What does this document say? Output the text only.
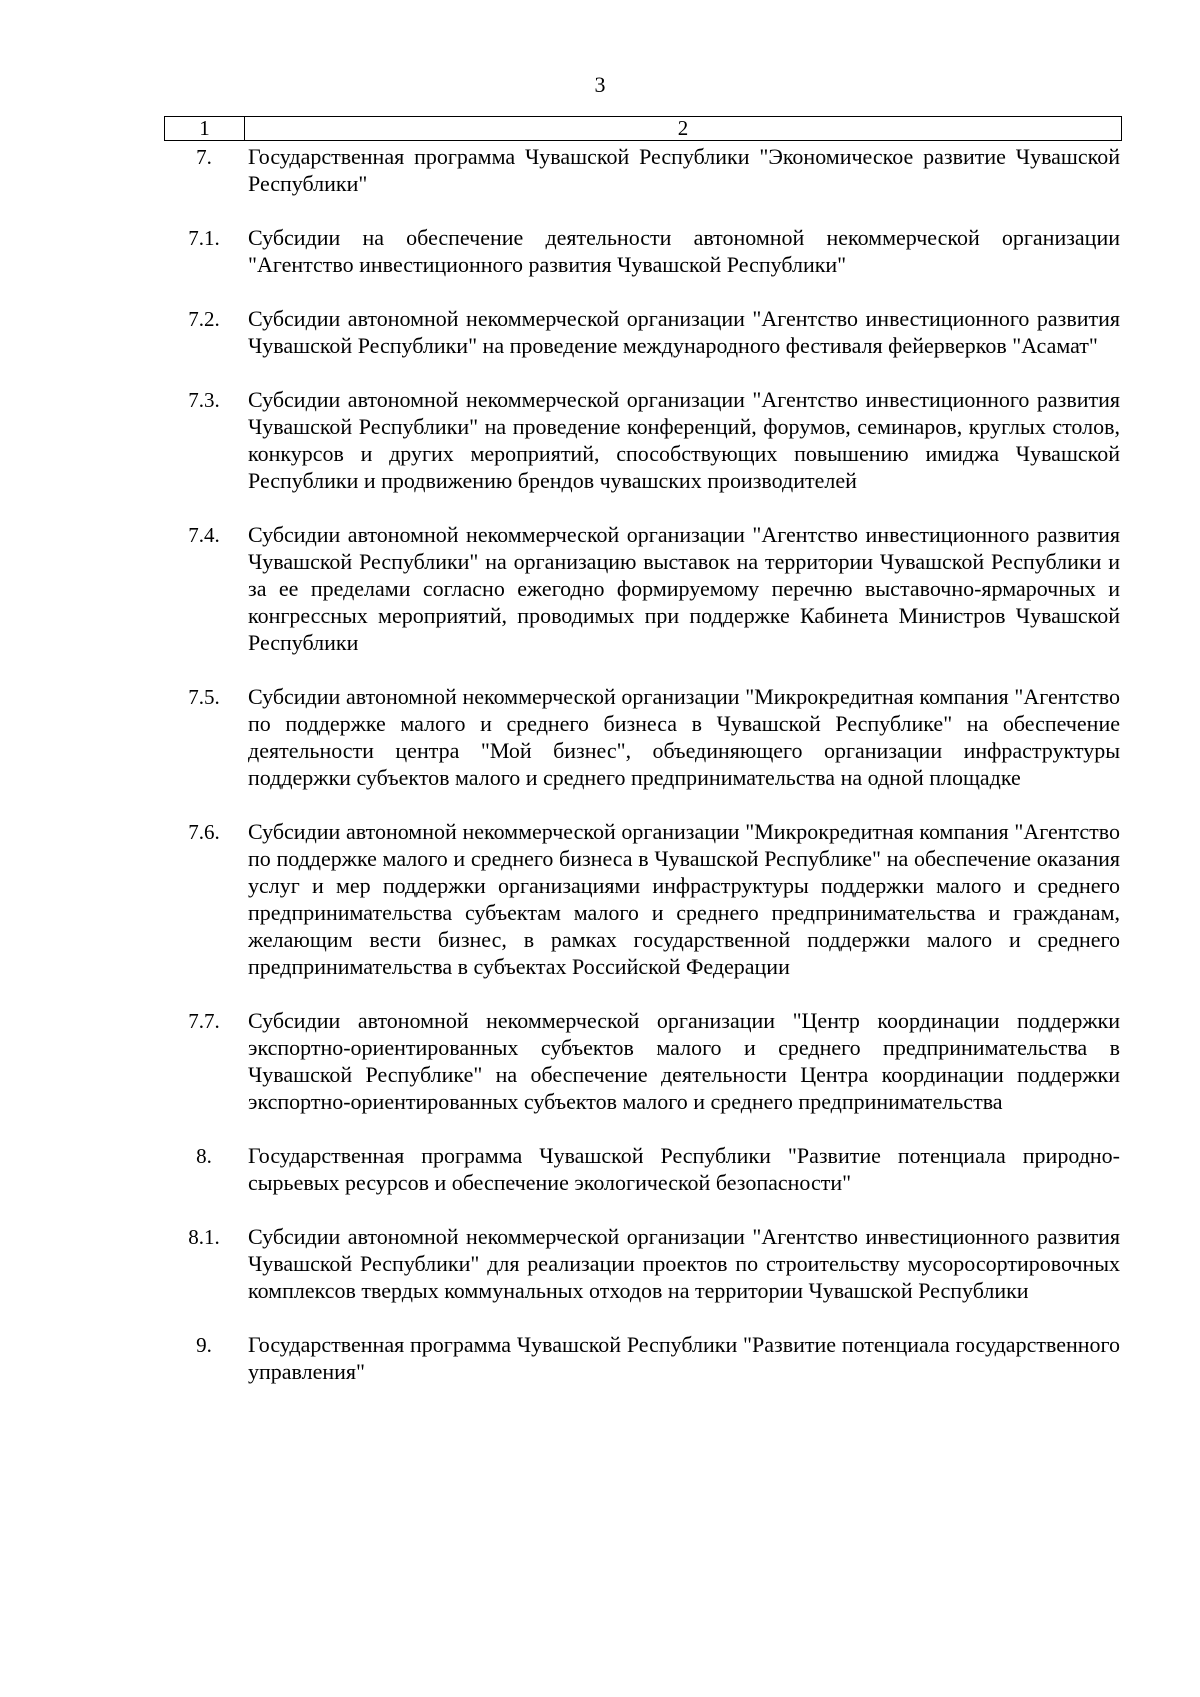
3
1	2
7.	Государственная программа Чувашской Республики "Экономическое развитие Чувашской Республики"
7.1.	Субсидии на обеспечение деятельности автономной некоммерческой организации "Агентство инвестиционного развития Чувашской Республики"
7.2.	Субсидии автономной некоммерческой организации "Агентство инвестиционного развития Чувашской Республики" на проведение международного фестиваля фейерверков "Асамат"
7.3.	Субсидии автономной некоммерческой организации "Агентство инвестиционного развития Чувашской Республики" на проведение конференций, форумов, семинаров, круглых столов, конкурсов и других мероприятий, способствующих повышению имиджа Чувашской Республики и продвижению брендов чувашских производителей
7.4.	Субсидии автономной некоммерческой организации "Агентство инвестиционного развития Чувашской Республики" на организацию выставок на территории Чувашской Республики и за ее пределами согласно ежегодно формируемому перечню выставочно-ярмарочных и конгрессных мероприятий, проводимых при поддержке Кабинета Министров Чувашской Республики
7.5.	Субсидии автономной некоммерческой организации "Микрокредитная компания "Агентство по поддержке малого и среднего бизнеса в Чувашской Республике" на обеспечение деятельности центра "Мой бизнес", объединяющего организации инфраструктуры поддержки субъектов малого и среднего предпринимательства на одной площадке
7.6.	Субсидии автономной некоммерческой организации "Микрокредитная компания "Агентство по поддержке малого и среднего бизнеса в Чувашской Республике" на обеспечение оказания услуг и мер поддержки организациями инфраструктуры поддержки малого и среднего предпринимательства субъектам малого и среднего предпринимательства и гражданам, желающим вести бизнес, в рамках государственной поддержки малого и среднего предпринимательства в субъектах Российской Федерации
7.7.	Субсидии автономной некоммерческой организации "Центр координации поддержки экспортно-ориентированных субъектов малого и среднего предпринимательства в Чувашской Республике" на обеспечение деятельности Центра координации поддержки экспортно-ориентированных субъектов малого и среднего предпринимательства
8.	Государственная программа Чувашской Республики "Развитие потенциала природно-сырьевых ресурсов и обеспечение экологической безопасности"
8.1.	Субсидии автономной некоммерческой организации "Агентство инвестиционного развития Чувашской Республики" для реализации проектов по строительству мусоросортировочных комплексов твердых коммунальных отходов на территории Чувашской Республики
9.	Государственная программа Чувашской Республики "Развитие потенциала государственного управления"
